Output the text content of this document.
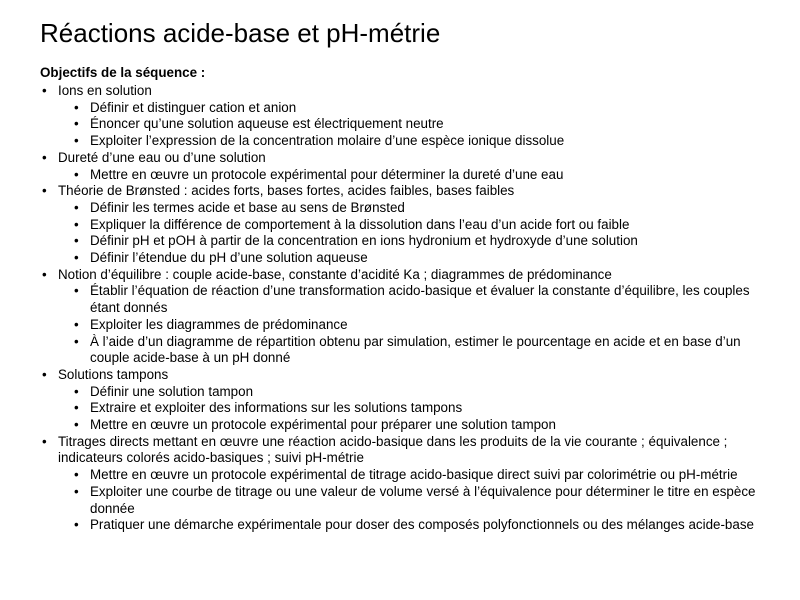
Réactions acide-base et pH-métrie
Objectifs de la séquence :
• Ions en solution
• Définir et distinguer cation et anion
• Énoncer qu’une solution aqueuse est électriquement neutre
• Exploiter l’expression de la concentration molaire d’une espèce ionique dissolue
• Dureté d’une eau ou d’une solution
• Mettre en œuvre un protocole expérimental pour déterminer la dureté d’une eau
• Théorie de Brønsted : acides forts, bases fortes, acides faibles, bases faibles
• Définir les termes acide et base au sens de Brønsted
• Expliquer la différence de comportement à la dissolution dans l’eau d’un acide fort ou faible
• Définir pH et pOH à partir de la concentration en ions hydronium et hydroxyde d’une solution
• Définir l’étendue du pH d’une solution aqueuse
• Notion d’équilibre : couple acide-base, constante d’acidité Ka ; diagrammes de prédominance
• Établir l’équation de réaction d’une transformation acido-basique et évaluer la constante d’équilibre, les couples étant donnés
• Exploiter les diagrammes de prédominance
• À l’aide d’un diagramme de répartition obtenu par simulation, estimer le pourcentage en acide et en base d’un couple acide-base à un pH donné
• Solutions tampons
• Définir une solution tampon
• Extraire et exploiter des informations sur les solutions tampons
• Mettre en œuvre un protocole expérimental pour préparer une solution tampon
• Titrages directs mettant en œuvre une réaction acido-basique dans les produits de la vie courante ; équivalence ; indicateurs colorés acido-basiques ; suivi pH-métrie
• Mettre en œuvre un protocole expérimental de titrage acido-basique direct suivi par colorimétrie ou pH-métrie
• Exploiter une courbe de titrage ou une valeur de volume versé à l’équivalence pour déterminer le titre en espèce donnée
• Pratiquer une démarche expérimentale pour doser des composés polyfonctionnels ou des mélanges acide-base
